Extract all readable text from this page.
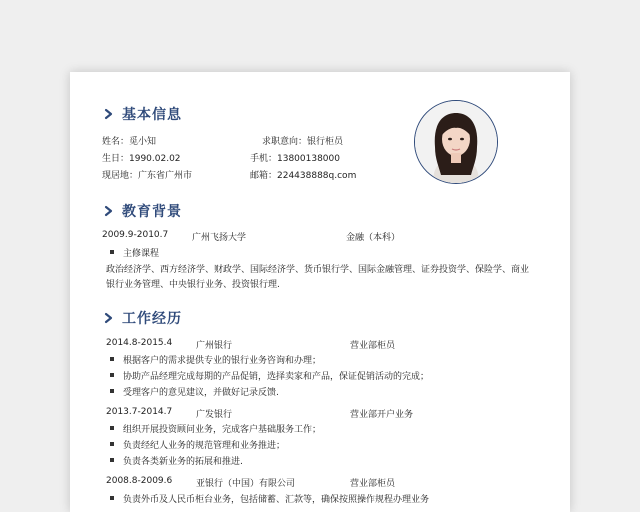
基本信息
姓名：觅小知	求职意向：银行柜员
生日：1990.02.02	手机：13800138000
现居地：广东省广州市	邮箱：224438888q.com
教育背景
2009.9-2010.7	广州飞扬大学	金融（本科）
主修课程
政治经济学、西方经济学、财政学、国际经济学、货币银行学、国际金融管理、证券投资学、保险学、商业
银行业务管理、中央银行业务、投资银行理.
工作经历
2014.8-2015.4	广州银行	营业部柜员
根据客户的需求提供专业的银行业务咨询和办理；
协助产品经理完成每期的产品促销，选择卖家和产品，保证促销活动的完成；
受理客户的意见建议，并做好记录反馈.
2013.7-2014.7	广发银行	营业部开户业务
组织开展投资顾问业务，完成客户基础服务工作；
负责经纪人业务的规范管理和业务推进；
负责各类新业务的拓展和推进.
2008.8-2009.6	亚银行（中国）有限公司	营业部柜员
负责外币及人民币柜台业务，包括储蓄、汇款等，确保按照操作规程办理业务
